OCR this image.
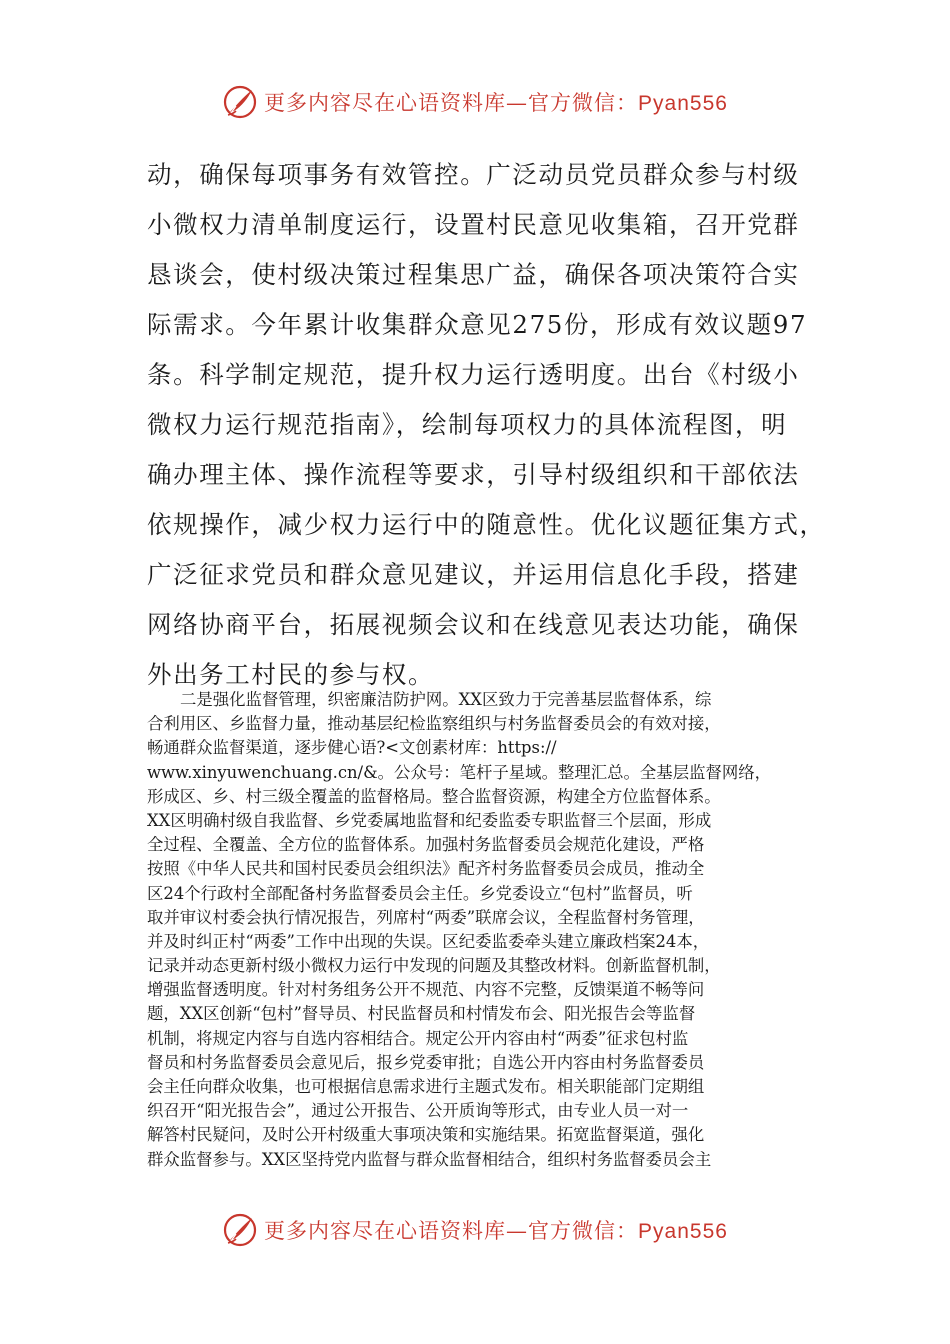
更多内容尽在心语资料库—官方微信：Pyan556
动，确保每项事务有效管控。广泛动员党员群众参与村级
小微权力清单制度运行，设置村民意见收集箱，召开党群
恳谈会，使村级决策过程集思广益，确保各项决策符合实
际需求。今年累计收集群众意见275份，形成有效议题97
条。科学制定规范，提升权力运行透明度。出台《村级小
微权力运行规范指南》，绘制每项权力的具体流程图，明
确办理主体、操作流程等要求，引导村级组织和干部依法
依规操作，减少权力运行中的随意性。优化议题征集方式，
广泛征求党员和群众意见建议，并运用信息化手段，搭建
网络协商平台，拓展视频会议和在线意见表达功能，确保
外出务工村民的参与权。
二是强化监督管理，织密廉洁防护网。XX区致力于完善基层监督体系，综
合利用区、乡监督力量，推动基层纪检监察组织与村务监督委员会的有效对接，
畅通群众监督渠道，逐步健心语?<文创素材库：https://
www.xinyuwenchuang.cn/&。公众号：笔杆子星域。整理汇总。全基层监督网络，
形成区、乡、村三级全覆盖的监督格局。整合监督资源，构建全方位监督体系。
XX区明确村级自我监督、乡党委属地监督和纪委监委专职监督三个层面，形成
全过程、全覆盖、全方位的监督体系。加强村务监督委员会规范化建设，严格
按照《中华人民共和国村民委员会组织法》配齐村务监督委员会成员，推动全
区24个行政村全部配备村务监督委员会主任。乡党委设立“包村”监督员，听
取并审议村委会执行情况报告，列席村“两委”联席会议，全程监督村务管理，
并及时纠正村“两委”工作中出现的失误。区纪委监委牵头建立廉政档案24本，
记录并动态更新村级小微权力运行中发现的问题及其整改材料。创新监督机制，
增强监督透明度。针对村务组务公开不规范、内容不完整，反馈渠道不畅等问
题，XX区创新“包村”督导员、村民监督员和村情发布会、阳光报告会等监督
机制，将规定内容与自选内容相结合。规定公开内容由村“两委”征求包村监
督员和村务监督委员会意见后，报乡党委审批；自选公开内容由村务监督委员
会主任向群众收集，也可根据信息需求进行主题式发布。相关职能部门定期组
织召开“阳光报告会”，通过公开报告、公开质询等形式，由专业人员一对一
解答村民疑问，及时公开村级重大事项决策和实施结果。拓宽监督渠道，强化
群众监督参与。XX区坚持党内监督与群众监督相结合，组织村务监督委员会主
更多内容尽在心语资料库—官方微信：Pyan556
